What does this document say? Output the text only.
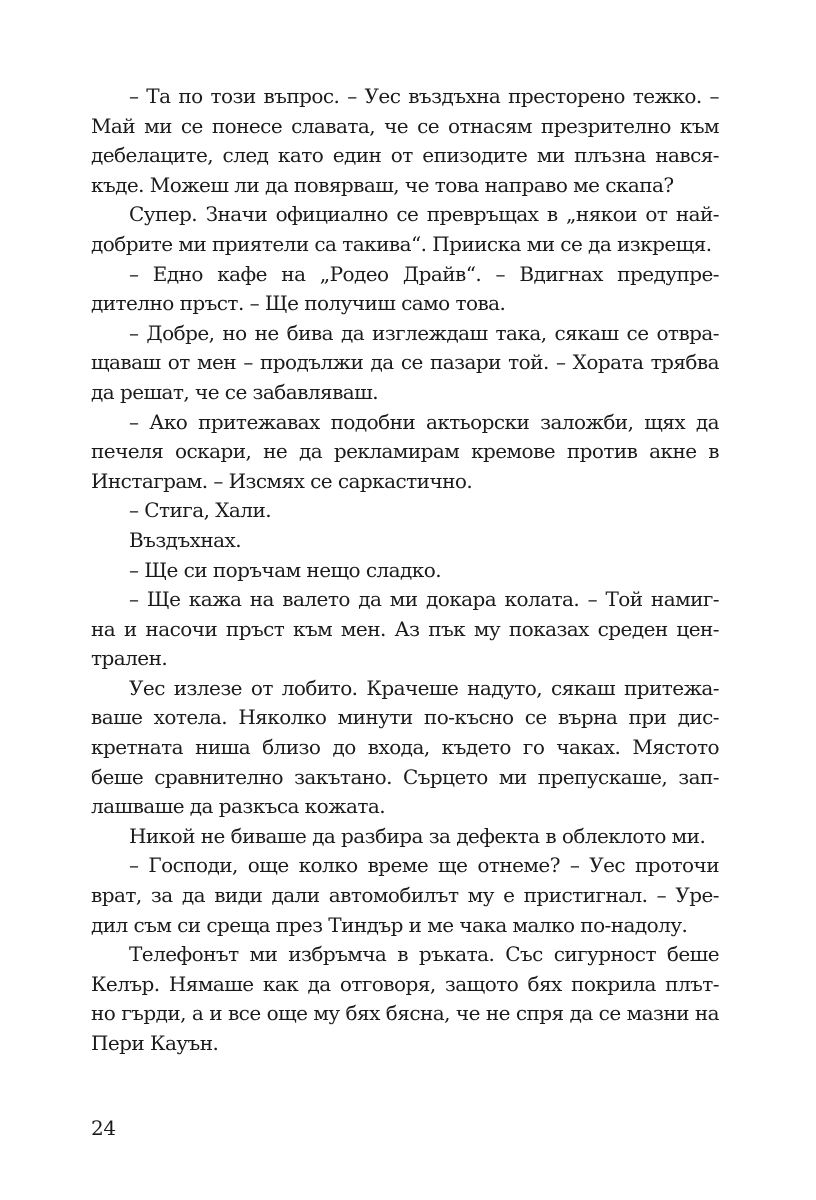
– Та по този въпрос. – Уес въздъхна престорено тежко. –
Май ми се понесе славата, че се отнасям презрително към
дебелаците, след като един от епизодите ми плъзна нався-
къде. Можеш ли да повярваш, че това направо ме скапа?
Супер. Значи официално се превръщах в „някои от най-
добрите ми приятели са такива“. Прииска ми се да изкрещя.
– Едно кафе на „Родео Драйв“. – Вдигнах предупре-
дително пръст. – Ще получиш само това.
– Добре, но не бива да изглеждаш така, сякаш се отвра-
щаваш от мен – продължи да се пазари той. – Хората трябва
да решат, че се забавляваш.
– Ако притежавах подобни актьорски заложби, щях да
печеля оскари, не да рекламирам кремове против акне в
Инстаграм. – Изсмях се саркастично.
– Стига, Хали.
Въздъхнах.
– Ще си поръчам нещо сладко.
– Ще кажа на валето да ми докара колата. – Той намиг-
на и насочи пръст към мен. Аз пък му показах среден цен-
трален.
Уес излезе от лобито. Крачеше надуто, сякаш притежа-
ваше хотела. Няколко минути по-късно се върна при дис-
кретната ниша близо до входа, където го чаках. Мястото
беше сравнително закътано. Сърцето ми препускаше, зап-
лашваше да разкъса кожата.
Никой не биваше да разбира за дефекта в облеклото ми.
– Господи, още колко време ще отнеме? – Уес проточи
врат, за да види дали автомобилът му е пристигнал. – Уре-
дил съм си среща през Тиндър и ме чака малко по-надолу.
Телефонът ми избръмча в ръката. Със сигурност беше
Келър. Нямаше как да отговоря, защото бях покрила плът-
но гърди, а и все още му бях бясна, че не спря да се мазни на
Пери Кауън.
24
